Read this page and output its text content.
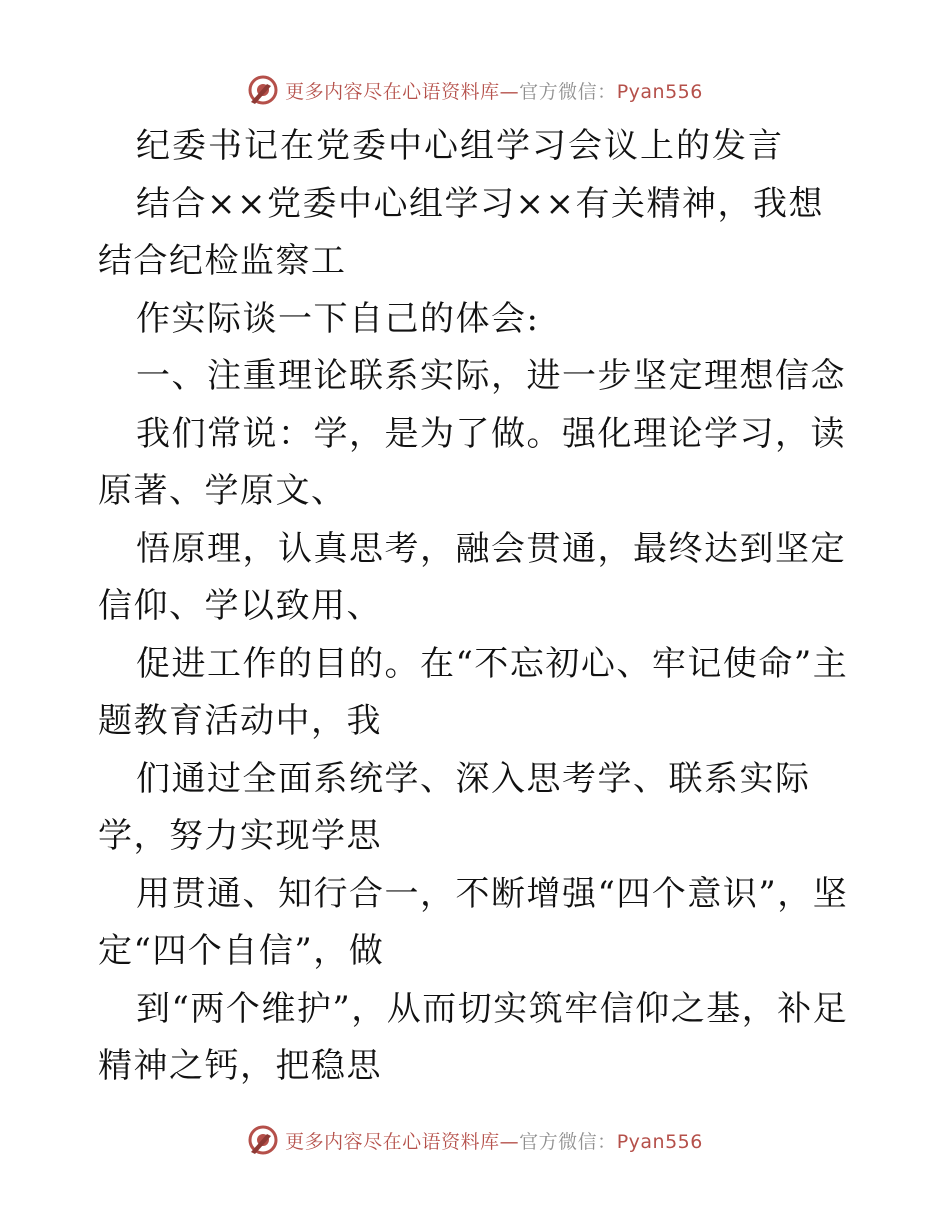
更多内容尽在心语资料库—官方微信：Pyan556

纪委书记在党委中心组学习会议上的发言

结合××党委中心组学习××有关精神，我想结合纪检监察工

作实际谈一下自己的体会:

一、注重理论联系实际，进一步坚定理想信念

我们常说：学，是为了做。强化理论学习，读原著、学原文、

悟原理，认真思考，融会贯通，最终达到坚定信仰、学以致用、

促进工作的目的。在“不忘初心、牢记使命”主题教育活动中，我

们通过全面系统学、深入思考学、联系实际学，努力实现学思

用贯通、知行合一，不断增强“四个意识”，坚定“四个自信”，做

到“两个维护”，从而切实筑牢信仰之基，补足精神之钙，把稳思

更多内容尽在心语资料库—官方微信：Pyan556
